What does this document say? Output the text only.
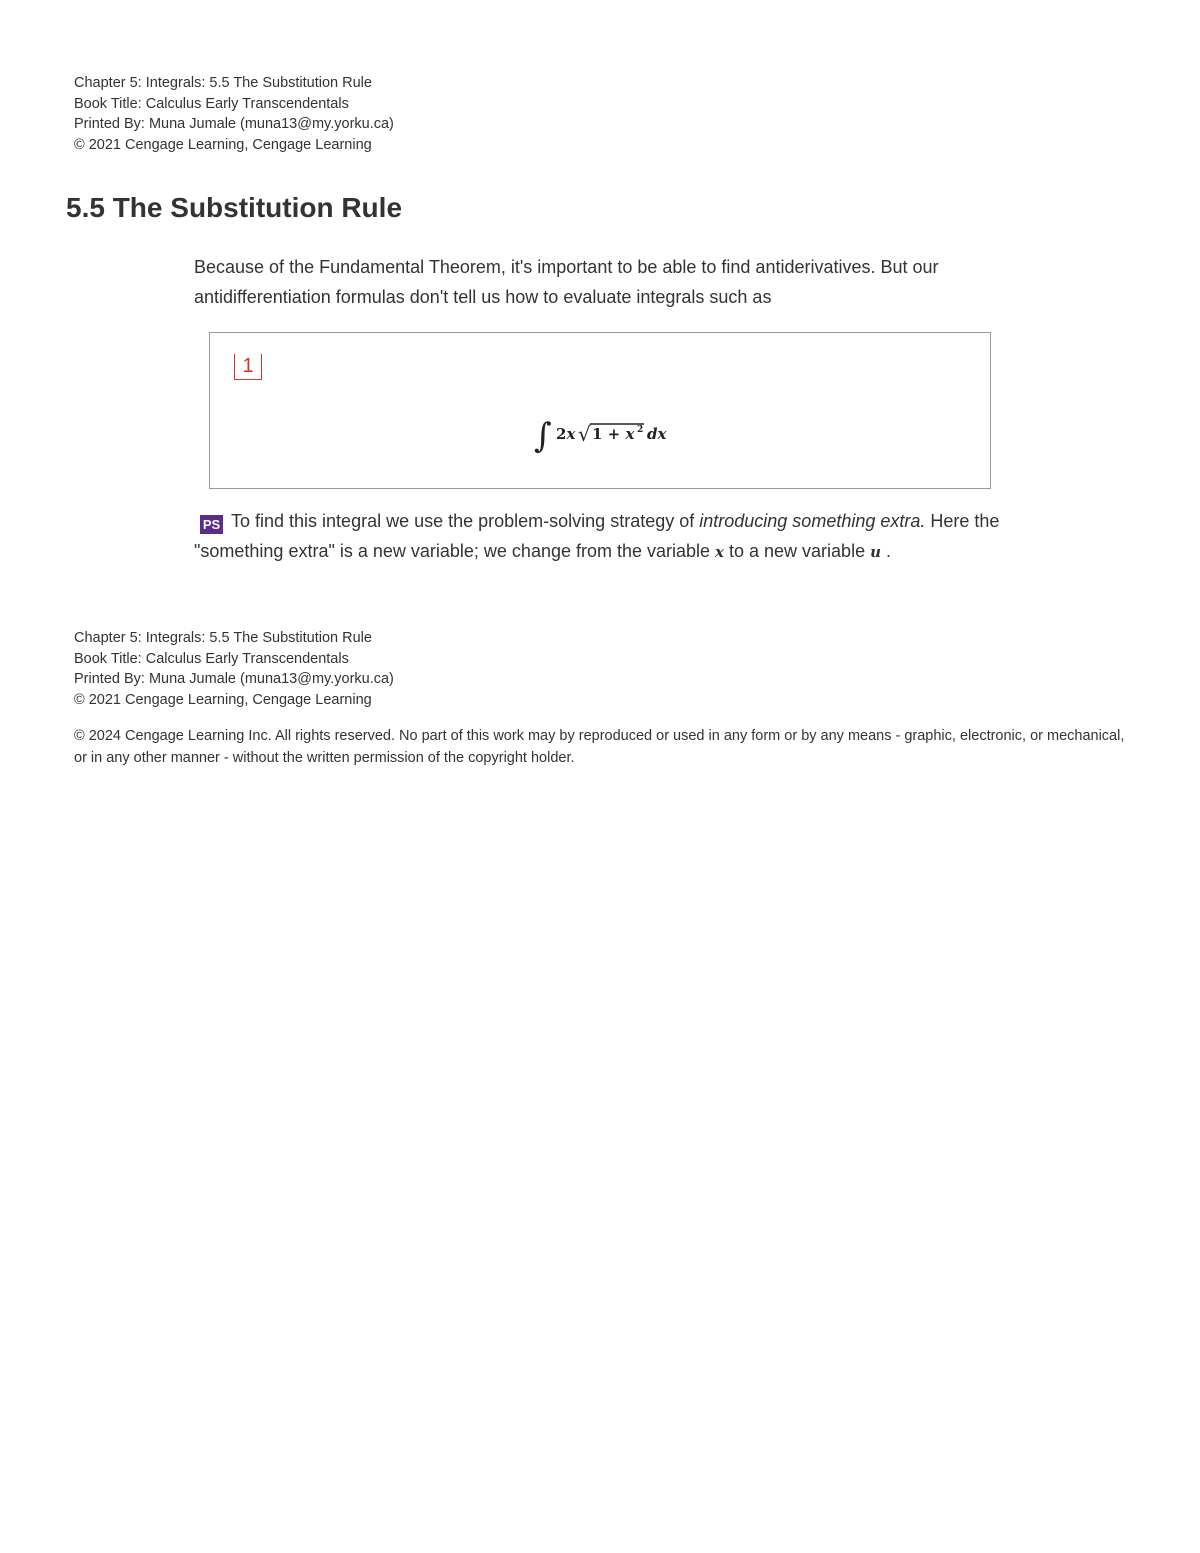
Chapter 5: Integrals: 5.5 The Substitution Rule
Book Title: Calculus Early Transcendentals
Printed By: Muna Jumale (muna13@my.yorku.ca)
© 2021 Cengage Learning, Cengage Learning
5.5 The Substitution Rule

Because of the Fundamental Theorem, it's important to be able to find antiderivatives. But our antidifferentiation formulas don't tell us how to evaluate integrals such as

1
∫ 2x √ 1 + x 2 dx

PS To find this integral we use the problem-solving strategy of introducing something extra. Here the "something extra" is a new variable; we change from the variable x to a new variable u .

Chapter 5: Integrals: 5.5 The Substitution Rule
Book Title: Calculus Early Transcendentals
Printed By: Muna Jumale (muna13@my.yorku.ca)
© 2021 Cengage Learning, Cengage Learning

© 2024 Cengage Learning Inc. All rights reserved. No part of this work may by reproduced or used in any form or by any means - graphic, electronic, or mechanical, or in any other manner - without the written permission of the copyright holder.
